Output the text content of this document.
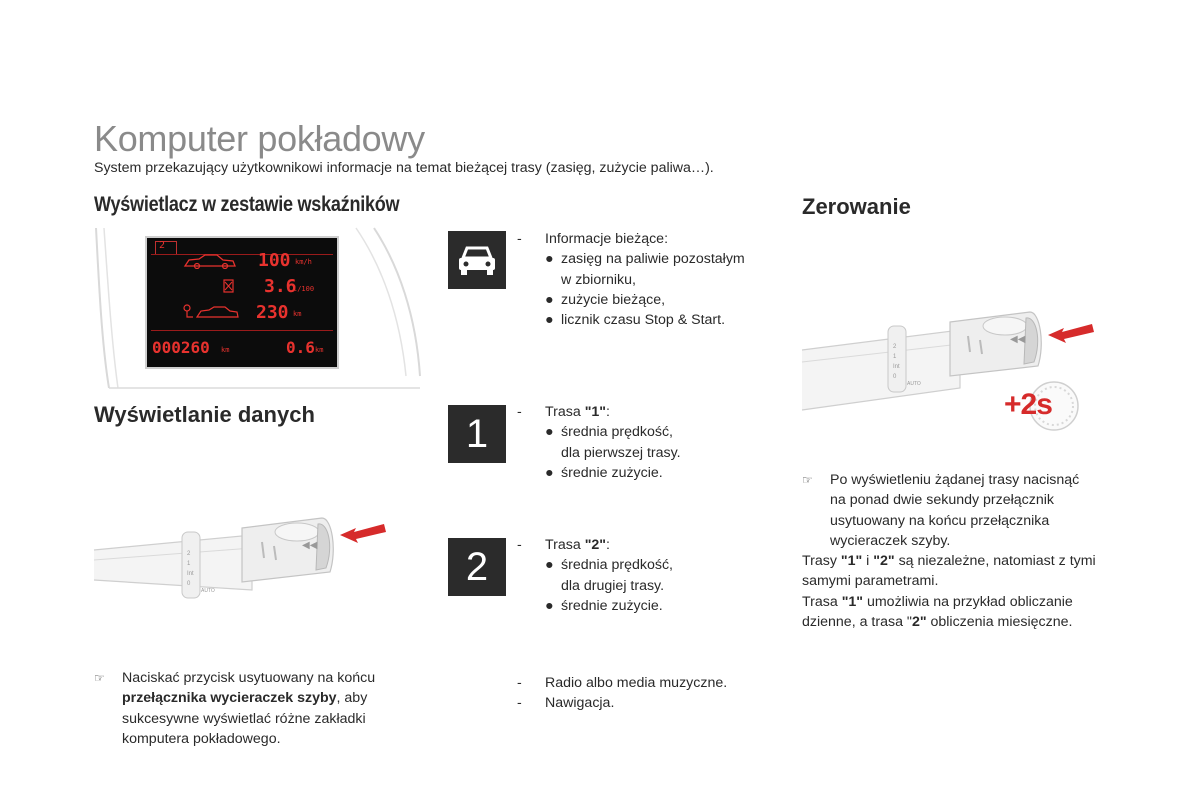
Komputer pokładowy
System przekazujący użytkownikowi informacje na temat bieżącej trasy (zasięg, zużycie paliwa…).
Wyświetlacz w zestawie wskaźników
2
100 km/h
3.6
l/100
230 km
000260 km	0.6 km
Wyświetlanie danych
2
1
Int
0
AUTO
◀◀
☞	Naciskać przycisk usytuowany na końcu
przełącznika wycieraczek szyby, aby
sukcesywne wyświetlać różne zakładki
komputera pokładowego.
-	Informacje bieżące:
● zasięg na paliwie pozostałym
w zbiorniku,
● zużycie bieżące,
● licznik czasu Stop & Start.
1 -	Trasa "1":
● średnia prędkość,
dla pierwszej trasy.
● średnie zużycie.
2 -	Trasa "2":
● średnia prędkość,
dla drugiej trasy.
● średnie zużycie.
-	Radio albo media muzyczne.
-	Nawigacja.
Zerowanie
2
1
Int
0
AUTO
◀◀
+2s
☞	Po wyświetleniu żądanej trasy nacisnąć
na ponad dwie sekundy przełącznik
usytuowany na końcu przełącznika
wycieraczek szyby.
Trasy "1" i "2" są niezależne, natomiast z tymi
samymi parametrami.
Trasa "1" umożliwia na przykład obliczanie
dzienne, a trasa "2" obliczenia miesięczne.
